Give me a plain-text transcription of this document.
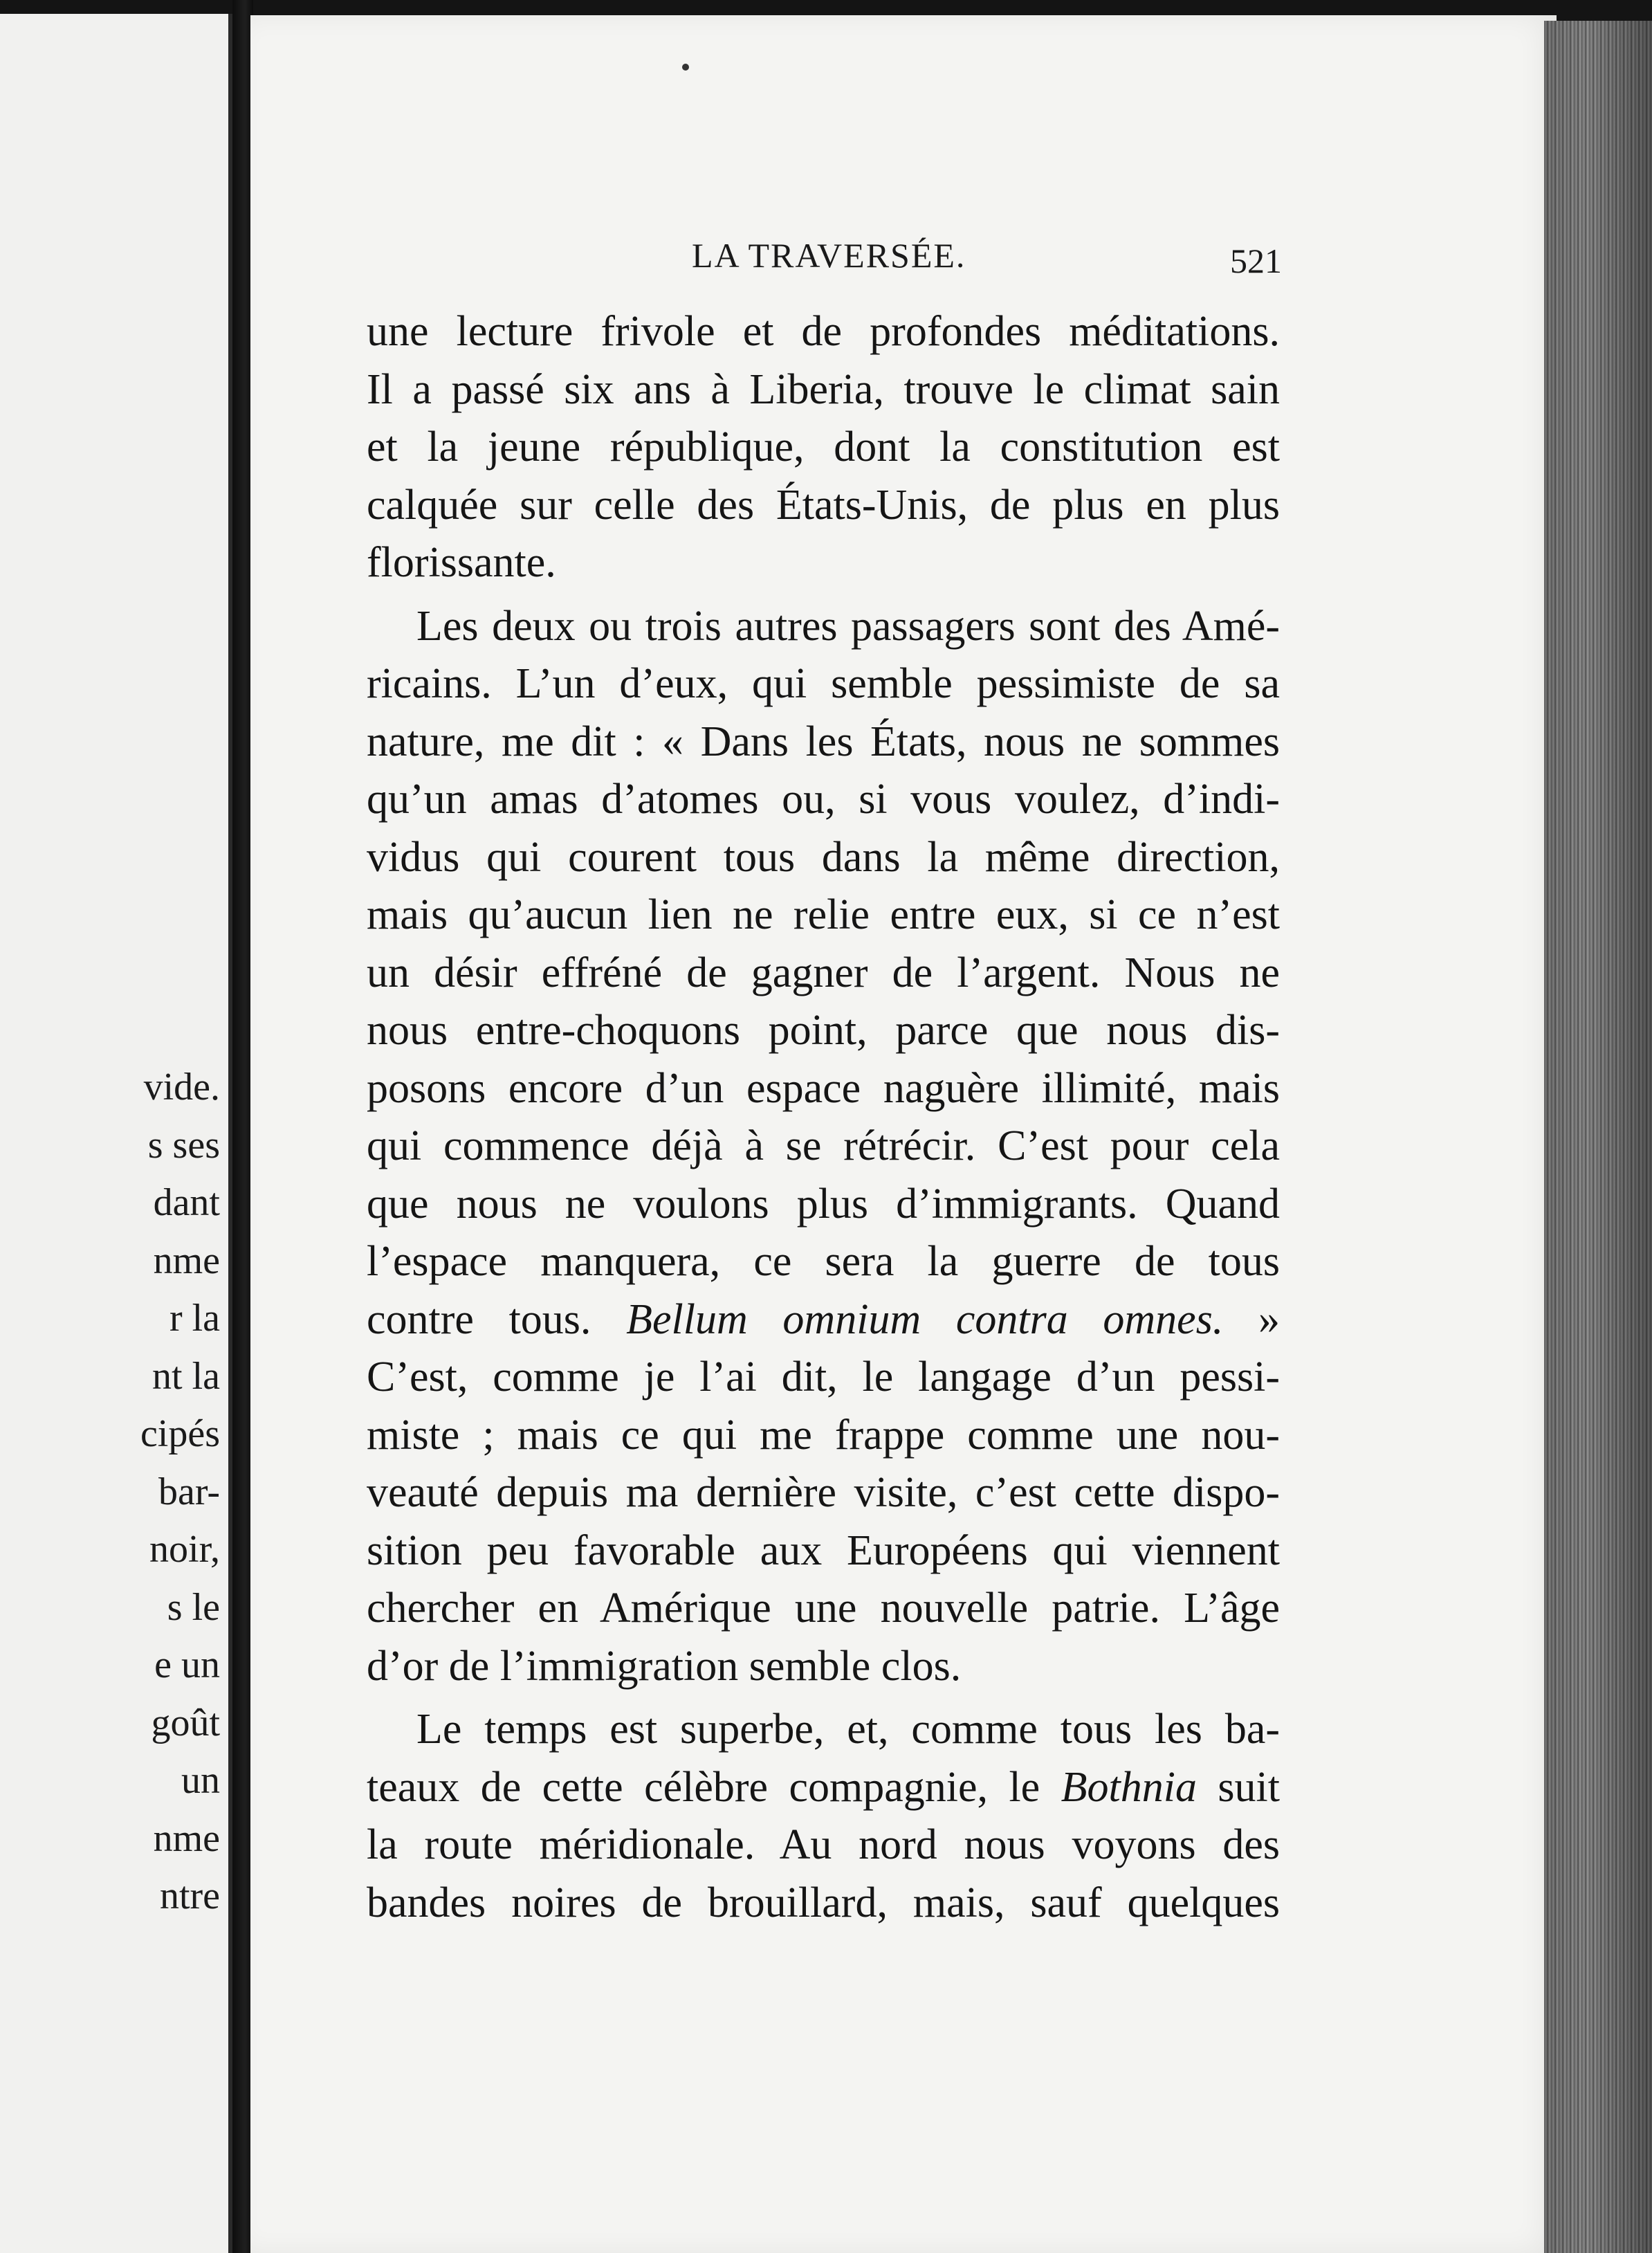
vide.
s ses
dant
nme
r la
nt la
cipés
bar-
noir,
s le
e un
goût
un
nme
ntre
LA TRAVERSÉE.	521
une lecture frivole et de profondes méditations.
Il a passé six ans à Liberia, trouve le climat sain
et la jeune république, dont la constitution est
calquée sur celle des États-Unis, de plus en plus
florissante.
Les deux ou trois autres passagers sont des Amé-
ricains. L’un d’eux, qui semble pessimiste de sa
nature, me dit : « Dans les États, nous ne sommes
qu’un amas d’atomes ou, si vous voulez, d’indi-
vidus qui courent tous dans la même direction,
mais qu’aucun lien ne relie entre eux, si ce n’est
un désir effréné de gagner de l’argent. Nous ne
nous entre-choquons point, parce que nous dis-
posons encore d’un espace naguère illimité, mais
qui commence déjà à se rétrécir. C’est pour cela
que nous ne voulons plus d’immigrants. Quand
l’espace manquera, ce sera la guerre de tous
contre tous. Bellum omnium contra omnes. »
C’est, comme je l’ai dit, le langage d’un pessi-
miste ; mais ce qui me frappe comme une nou-
veauté depuis ma dernière visite, c’est cette dispo-
sition peu favorable aux Européens qui viennent
chercher en Amérique une nouvelle patrie. L’âge
d’or de l’immigration semble clos.
Le temps est superbe, et, comme tous les ba-
teaux de cette célèbre compagnie, le Bothnia suit
la route méridionale. Au nord nous voyons des
bandes noires de brouillard, mais, sauf quelques
